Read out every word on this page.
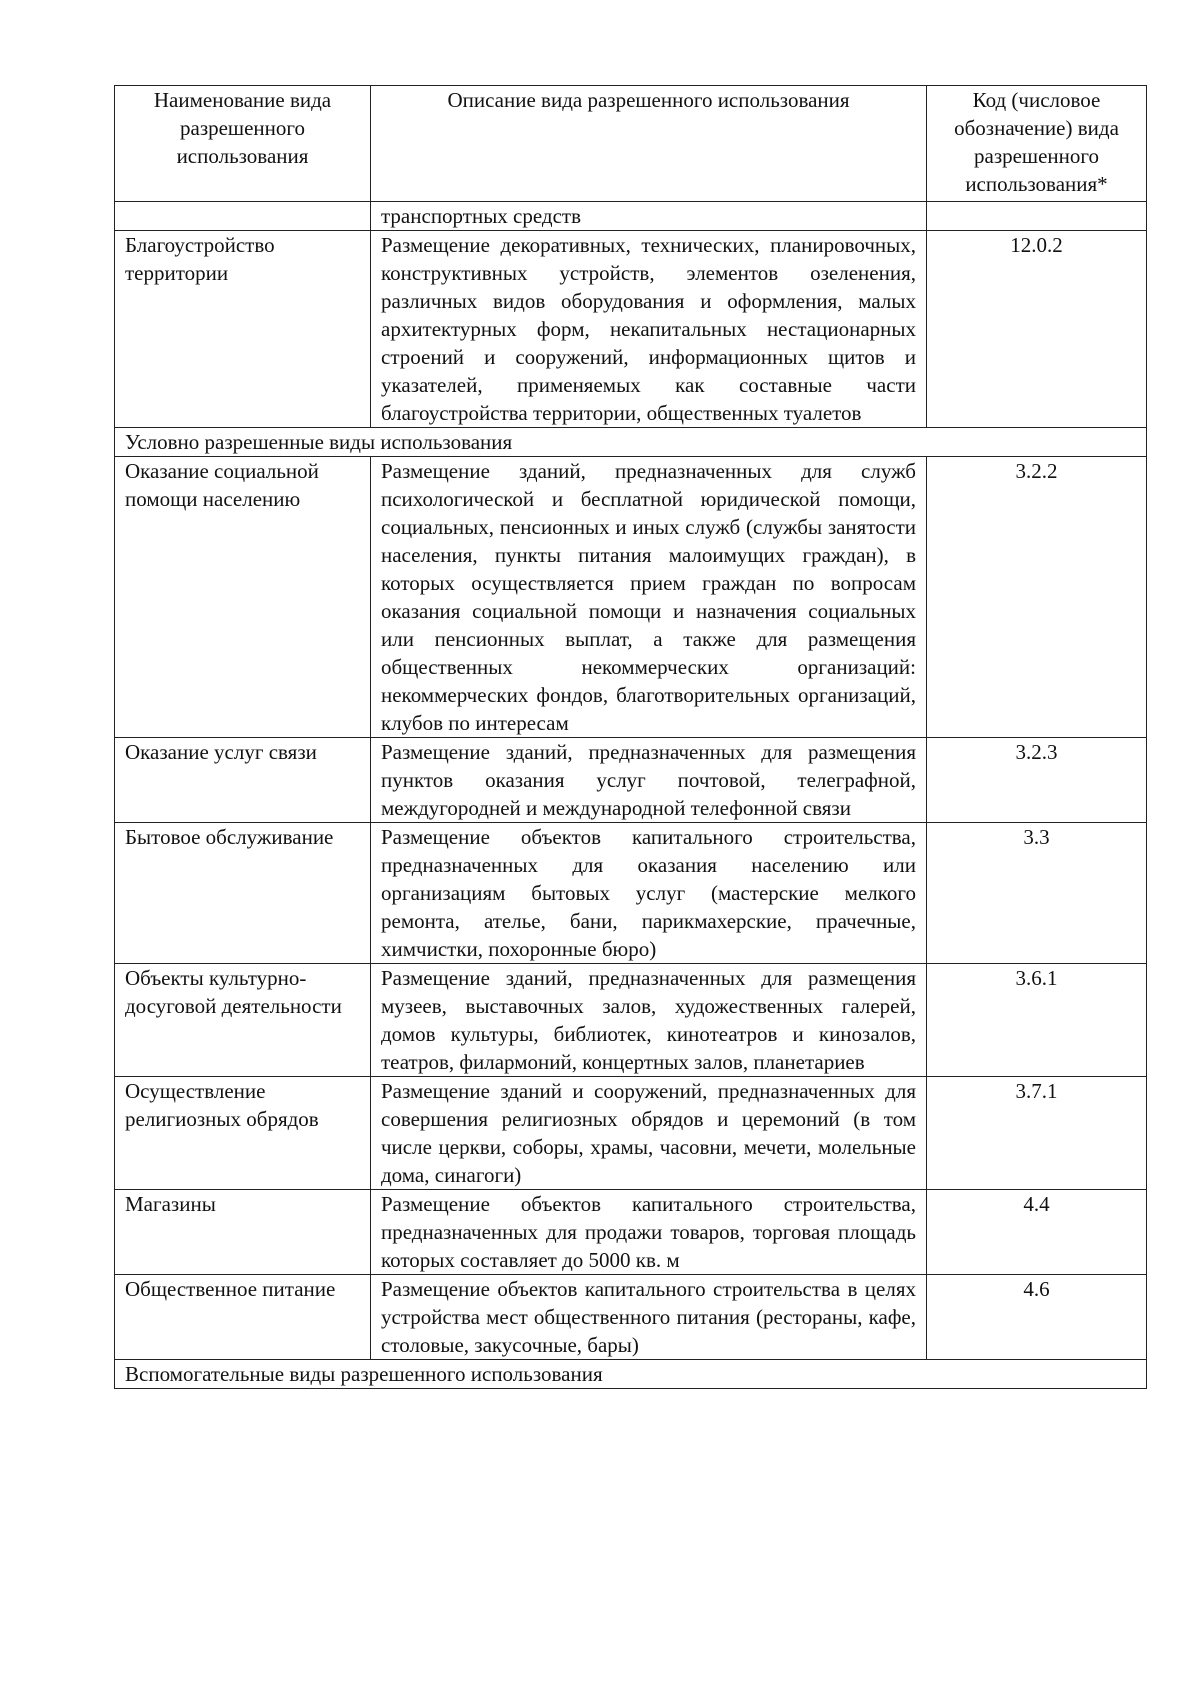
Наименование вида разрешенного использования	Описание вида разрешенного использования	Код (числовое обозначение) вида разрешенного использования*
	транспортных средств	
Благоустройство территории	Размещение декоративных, технических, планировочных, конструктивных устройств, элементов озеленения, различных видов оборудования и оформления, малых архитектурных форм, некапитальных нестационарных строений и сооружений, информационных щитов и указателей, применяемых как составные части благоустройства территории, общественных туалетов	12.0.2
Условно разрешенные виды использования		
Оказание социальной помощи населению	Размещение зданий, предназначенных для служб психологической и бесплатной юридической помощи, социальных, пенсионных и иных служб (службы занятости населения, пункты питания малоимущих граждан), в которых осуществляется прием граждан по вопросам оказания социальной помощи и назначения социальных или пенсионных выплат, а также для размещения общественных некоммерческих организаций: некоммерческих фондов, благотворительных организаций, клубов по интересам	3.2.2
Оказание услуг связи	Размещение зданий, предназначенных для размещения пунктов оказания услуг почтовой, телеграфной, междугородней и международной телефонной связи	3.2.3
Бытовое обслуживание	Размещение объектов капитального строительства, предназначенных для оказания населению или организациям бытовых услуг (мастерские мелкого ремонта, ателье, бани, парикмахерские, прачечные, химчистки, похоронные бюро)	3.3
Объекты культурно-досуговой деятельности	Размещение зданий, предназначенных для размещения музеев, выставочных залов, художественных галерей, домов культуры, библиотек, кинотеатров и кинозалов, театров, филармоний, концертных залов, планетариев	3.6.1
Осуществление религиозных обрядов	Размещение зданий и сооружений, предназначенных для совершения религиозных обрядов и церемоний (в том числе церкви, соборы, храмы, часовни, мечети, молельные дома, синагоги)	3.7.1
Магазины	Размещение объектов капитального строительства, предназначенных для продажи товаров, торговая площадь которых составляет до 5000 кв. м	4.4
Общественное питание	Размещение объектов капитального строительства в целях устройства мест общественного питания (рестораны, кафе, столовые, закусочные, бары)	4.6
Вспомогательные виды разрешенного использования		
